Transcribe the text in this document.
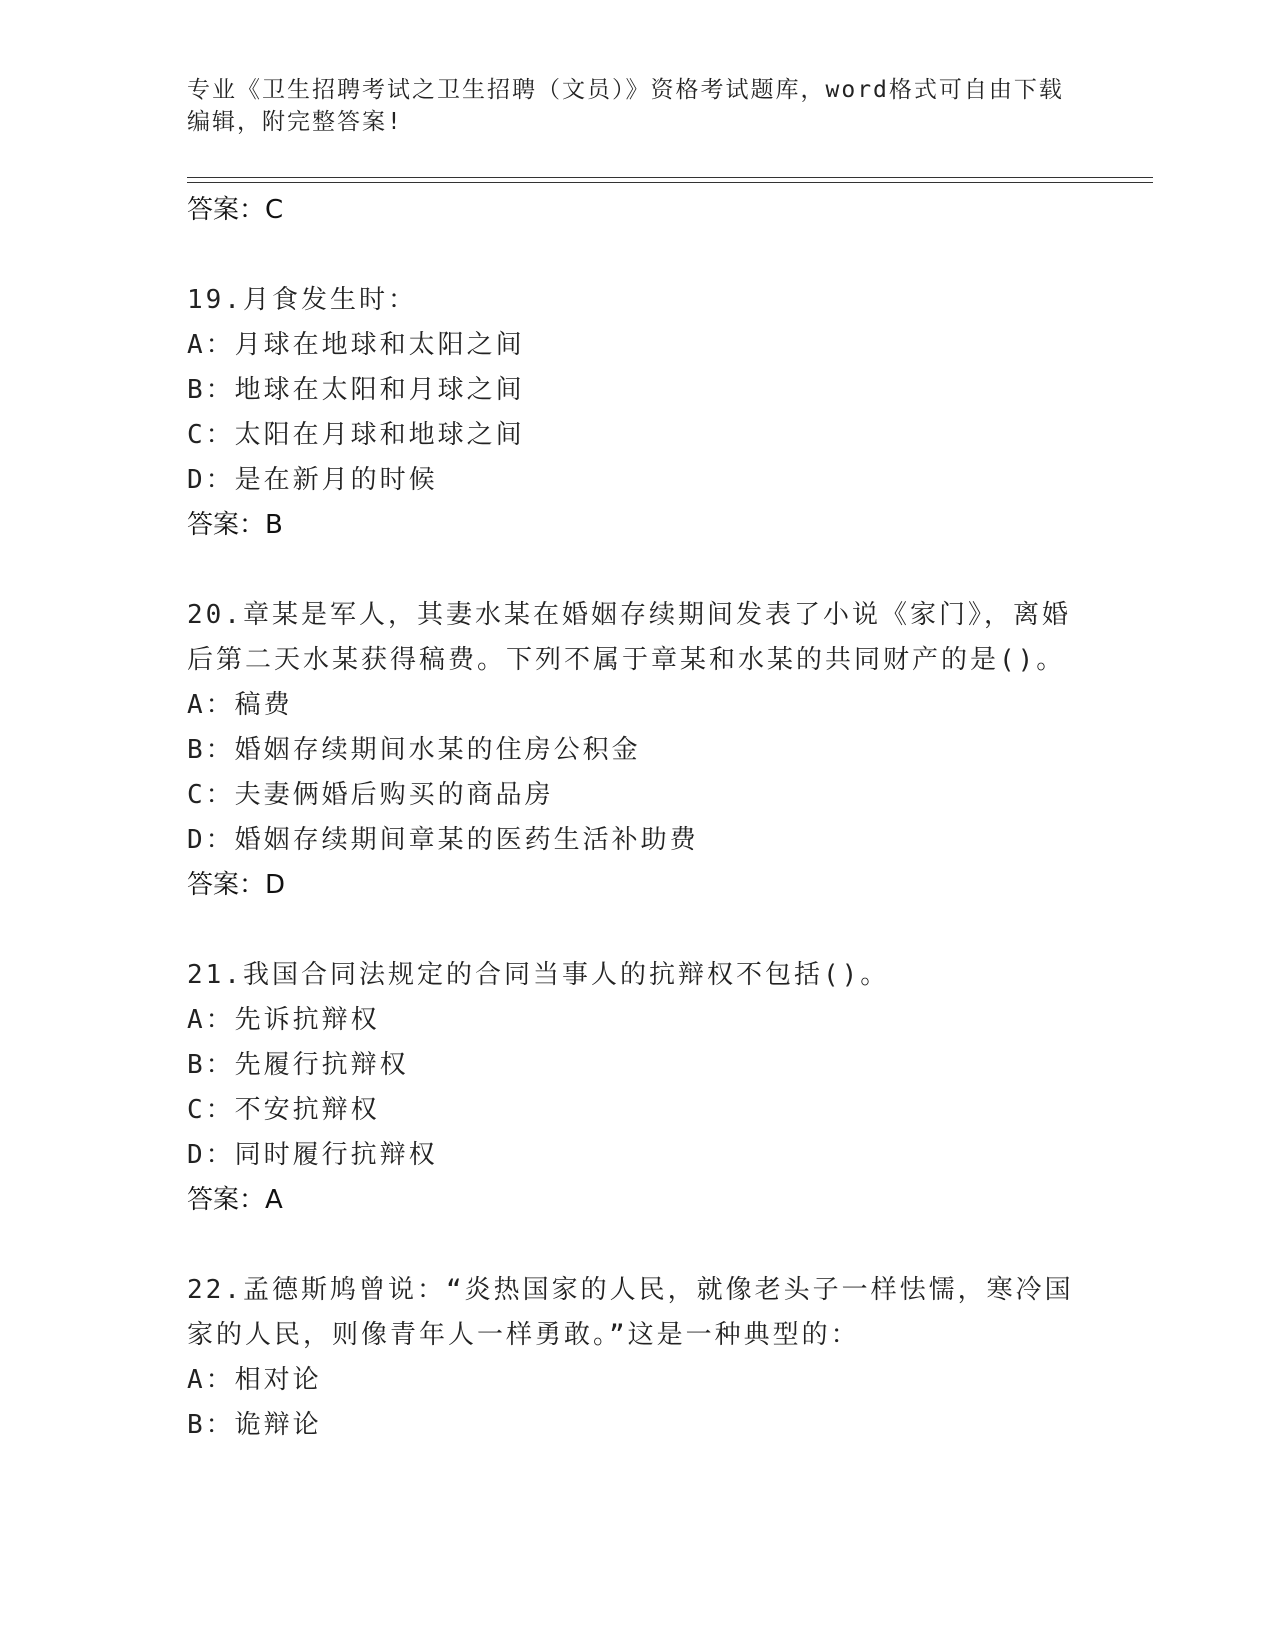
专业《卫生招聘考试之卫生招聘（文员）》资格考试题库，word格式可自由下载编辑，附完整答案!
答案：C
19.月食发生时：
A：月球在地球和太阳之间
B：地球在太阳和月球之间
C：太阳在月球和地球之间
D：是在新月的时候
答案：B
20.章某是军人，其妻水某在婚姻存续期间发表了小说《家门》，离婚后第二天水某获得稿费。下列不属于章某和水某的共同财产的是()。
A：稿费
B：婚姻存续期间水某的住房公积金
C：夫妻俩婚后购买的商品房
D：婚姻存续期间章某的医药生活补助费
答案：D
21.我国合同法规定的合同当事人的抗辩权不包括()。
A：先诉抗辩权
B：先履行抗辩权
C：不安抗辩权
D：同时履行抗辩权
答案：A
22.孟德斯鸠曾说：“炎热国家的人民，就像老头子一样怯懦，寒冷国家的人民，则像青年人一样勇敢。”这是一种典型的：
A：相对论
B：诡辩论
